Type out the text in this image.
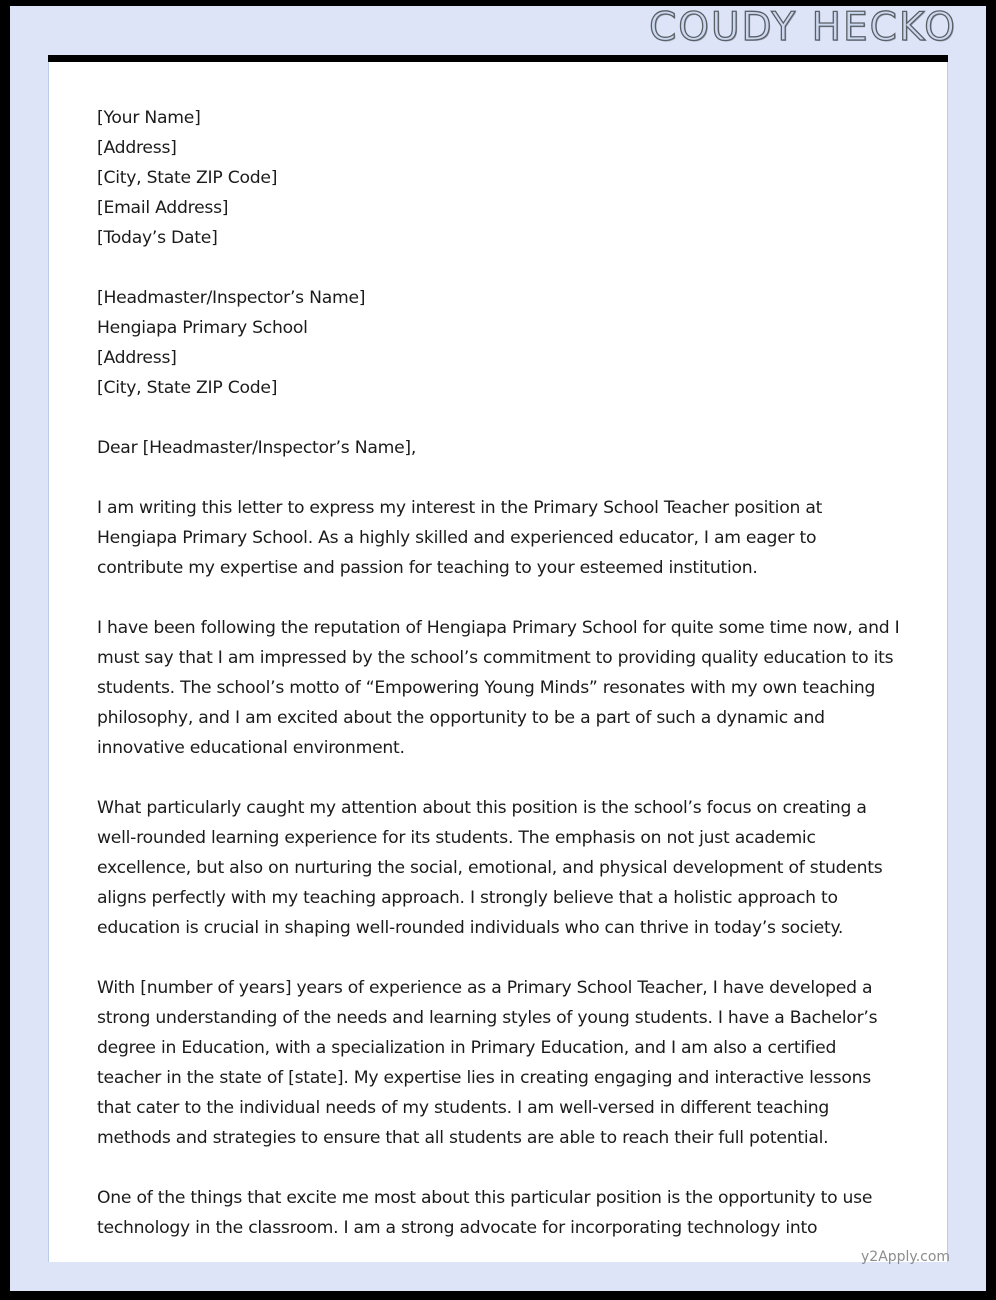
COUDY HECKO
[Your Name]
[Address]
[City, State ZIP Code]
[Email Address]
[Today’s Date]
[Headmaster/Inspector’s Name]
Hengiapa Primary School
[Address]
[City, State ZIP Code]

Dear [Headmaster/Inspector’s Name],

I am writing this letter to express my interest in the Primary School Teacher position at Hengiapa Primary School. As a highly skilled and experienced educator, I am eager to contribute my expertise and passion for teaching to your esteemed institution.

I have been following the reputation of Hengiapa Primary School for quite some time now, and I must say that I am impressed by the school’s commitment to providing quality education to its students. The school’s motto of “Empowering Young Minds” resonates with my own teaching philosophy, and I am excited about the opportunity to be a part of such a dynamic and innovative educational environment.

What particularly caught my attention about this position is the school’s focus on creating a well-rounded learning experience for its students. The emphasis on not just academic excellence, but also on nurturing the social, emotional, and physical development of students aligns perfectly with my teaching approach. I strongly believe that a holistic approach to education is crucial in shaping well-rounded individuals who can thrive in today’s society.

With [number of years] years of experience as a Primary School Teacher, I have developed a strong understanding of the needs and learning styles of young students. I have a Bachelor’s degree in Education, with a specialization in Primary Education, and I am also a certified teacher in the state of [state]. My expertise lies in creating engaging and interactive lessons that cater to the individual needs of my students. I am well-versed in different teaching methods and strategies to ensure that all students are able to reach their full potential.

One of the things that excite me most about this particular position is the opportunity to use technology in the classroom. I am a strong advocate for incorporating technology into

y2Apply.com
